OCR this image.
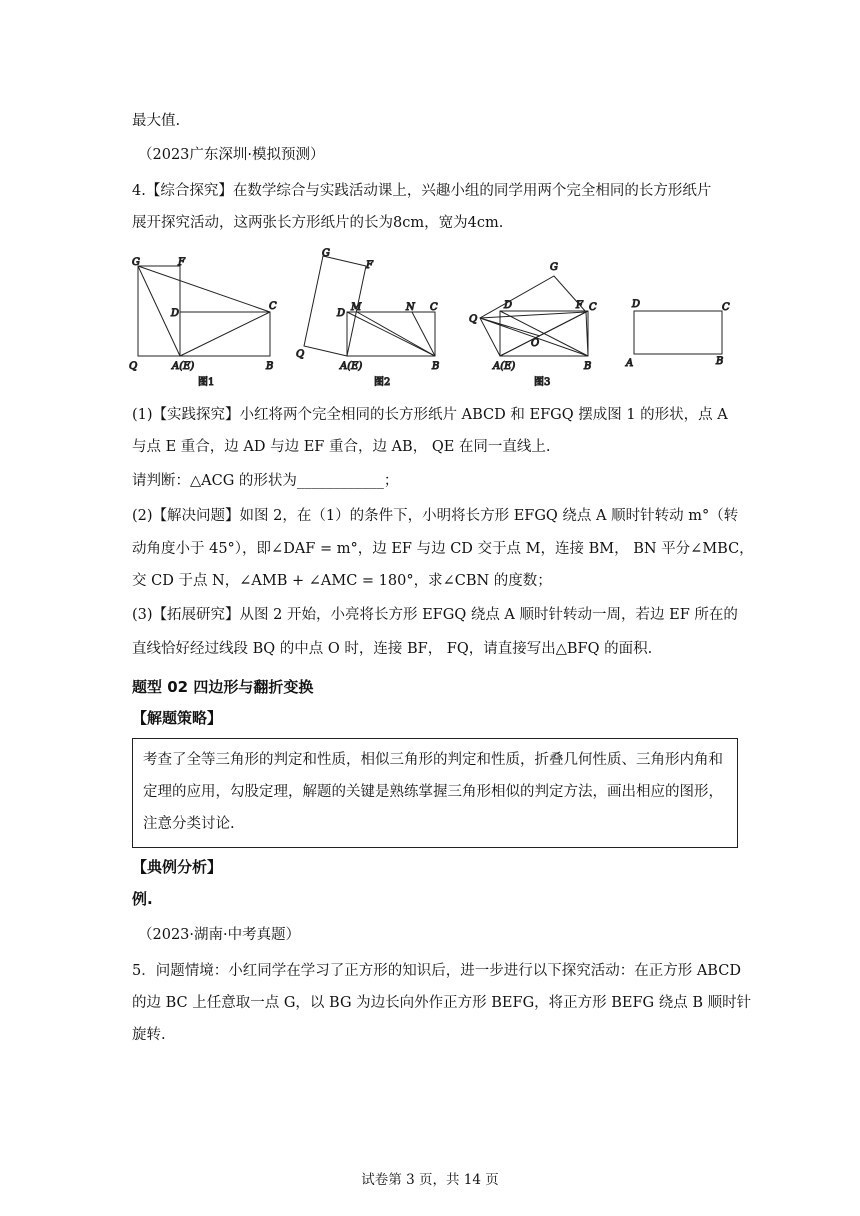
最大值.
（2023广东深圳·模拟预测）
4.【综合探究】在数学综合与实践活动课上，兴趣小组的同学用两个完全相同的长方形纸片
展开探究活动，这两张长方形纸片的长为8cm，宽为4cm.
G	F
D
C
Q	A(E)	B
图1
G
F
D
M	N C
Q
A(E)	B
图2
G
D	F C
Q
O
A(E)	B
图3
D	C
A	B
(1)【实践探究】小红将两个完全相同的长方形纸片 ABCD 和 EFGQ 摆成图 1 的形状，点 A
与点 E 重合，边 AD 与边 EF 重合，边 AB， QE 在同一直线上.
请判断：△ACG 的形状为____________；
(2)【解决问题】如图 2，在（1）的条件下，小明将长方形 EFGQ 绕点 A 顺时针转动 m°（转
动角度小于 45°），即∠DAF = m°，边 EF 与边 CD 交于点 M，连接 BM， BN 平分∠MBC，
交 CD 于点 N，∠AMB + ∠AMC = 180°，求∠CBN 的度数；
(3)【拓展研究】从图 2 开始，小亮将长方形 EFGQ 绕点 A 顺时针转动一周，若边 EF 所在的
直线恰好经过线段 BQ 的中点 O 时，连接 BF， FQ，请直接写出△BFQ 的面积.
题型 02 四边形与翻折变换
【解题策略】
考查了全等三角形的判定和性质，相似三角形的判定和性质，折叠几何性质、三角形内角和
定理的应用，勾股定理，解题的关键是熟练掌握三角形相似的判定方法，画出相应的图形，
注意分类讨论.
【典例分析】
例.
（2023·湖南·中考真题）
5．问题情境：小红同学在学习了正方形的知识后，进一步进行以下探究活动：在正方形 ABCD
的边 BC 上任意取一点 G，以 BG 为边长向外作正方形 BEFG，将正方形 BEFG 绕点 B 顺时针
旋转.
试卷第 3 页，共 14 页
